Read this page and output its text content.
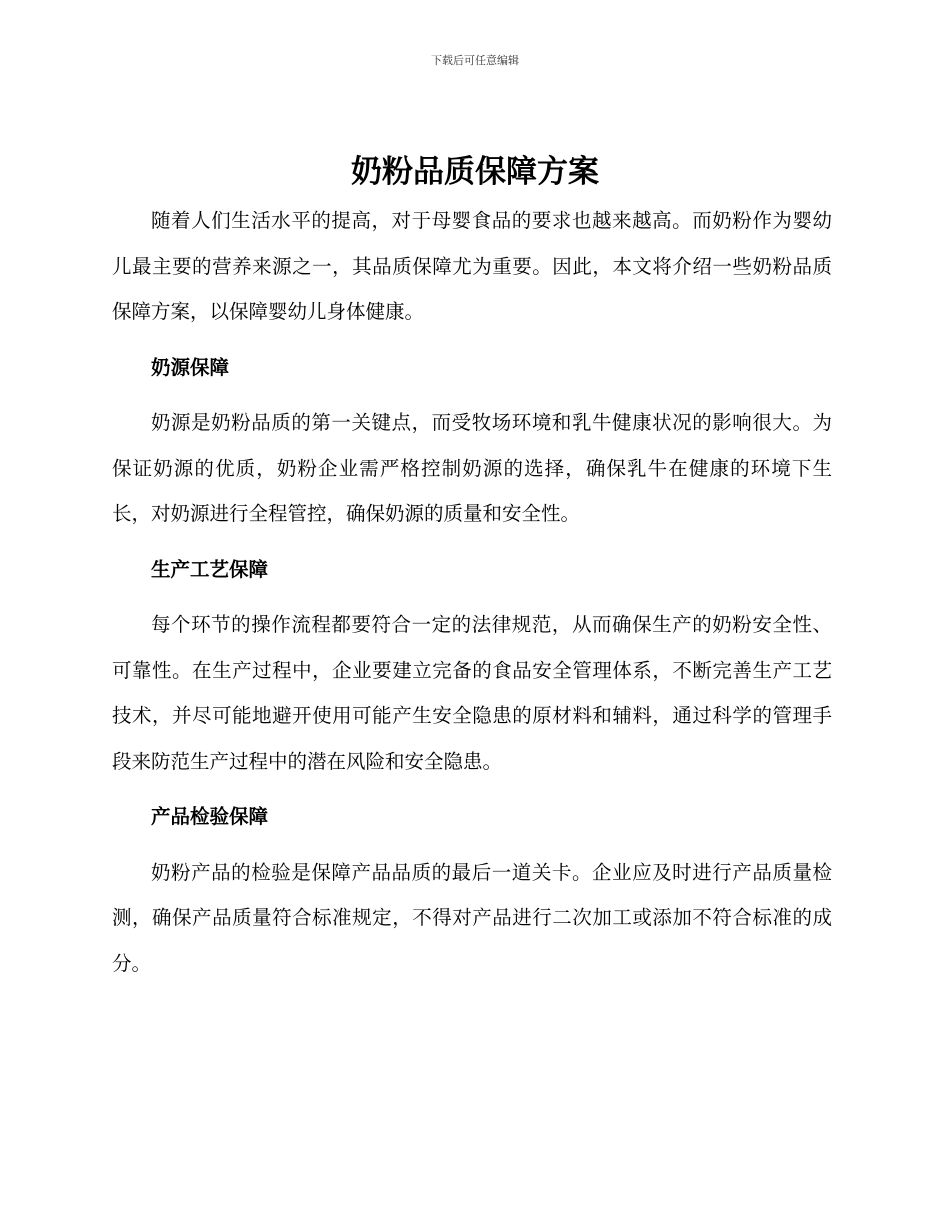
下载后可任意编辑
奶粉品质保障方案

随着人们生活水平的提高，对于母婴食品的要求也越来越高。而奶粉作为婴幼儿最主要的营养来源之一，其品质保障尤为重要。因此，本文将介绍一些奶粉品质保障方案，以保障婴幼儿身体健康。

奶源保障

奶源是奶粉品质的第一关键点，而受牧场环境和乳牛健康状况的影响很大。为保证奶源的优质，奶粉企业需严格控制奶源的选择，确保乳牛在健康的环境下生长，对奶源进行全程管控，确保奶源的质量和安全性。

生产工艺保障

每个环节的操作流程都要符合一定的法律规范，从而确保生产的奶粉安全性、可靠性。在生产过程中，企业要建立完备的食品安全管理体系，不断完善生产工艺技术，并尽可能地避开使用可能产生安全隐患的原材料和辅料，通过科学的管理手段来防范生产过程中的潜在风险和安全隐患。

产品检验保障

奶粉产品的检验是保障产品品质的最后一道关卡。企业应及时进行产品质量检测，确保产品质量符合标准规定，不得对产品进行二次加工或添加不符合标准的成分。
